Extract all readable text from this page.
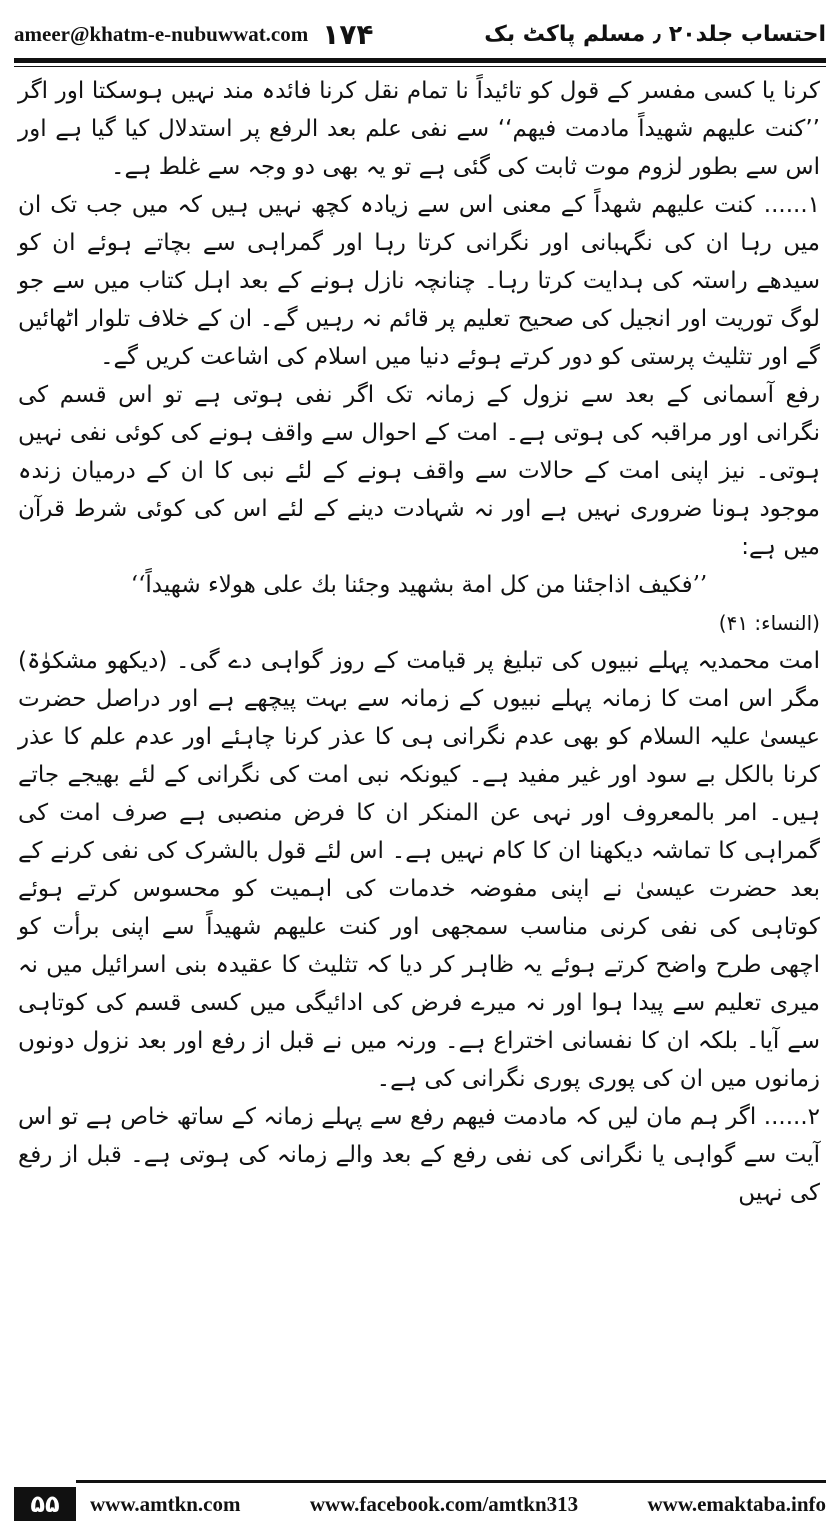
ameer@khatm-e-nubuwwat.com ۱۷۴	احتساب جلد۲۰ ٫ مسلم پاکٹ بک

کرنا یا کسی مفسر کے قول کو تائیداً نا تمام نقل کرنا فائدہ مند نہیں ہوسکتا اور اگر ’’کنت علیهم شهیداً مادمت فیهم‘‘ سے نفی علم بعد الرفع پر استدلال کیا گیا ہے اور اس سے بطور لزوم موت ثابت کی گئی ہے تو یہ بھی دو وجہ سے غلط ہے۔

۱...... کنت علیهم شهداً کے معنی اس سے زیادہ کچھ نہیں ہیں کہ میں جب تک ان میں رہا ان کی نگہبانی اور نگرانی کرتا رہا اور گمراہی سے بچاتے ہوئے ان کو سیدھے راستہ کی ہدایت کرتا رہا۔ چنانچہ نازل ہونے کے بعد اہل کتاب میں سے جو لوگ توریت اور انجیل کی صحیح تعلیم پر قائم نہ رہیں گے۔ ان کے خلاف تلوار اٹھائیں گے اور تثلیث پرستی کو دور کرتے ہوئے دنیا میں اسلام کی اشاعت کریں گے۔

رفع آسمانی کے بعد سے نزول کے زمانہ تک اگر نفی ہوتی ہے تو اس قسم کی نگرانی اور مراقبہ کی ہوتی ہے۔ امت کے احوال سے واقف ہونے کی کوئی نفی نہیں ہوتی۔ نیز اپنی امت کے حالات سے واقف ہونے کے لئے نبی کا ان کے درمیان زندہ موجود ہونا ضروری نہیں ہے اور نہ شہادت دینے کے لئے اس کی کوئی شرط قرآن میں ہے:

’’فکیف اذاجئنا من کل امة بشهید وجئنا بك علی هولاء شهیداً‘‘

(النساء: ۴۱)

امت محمدیہ پہلے نبیوں کی تبلیغ پر قیامت کے روز گواہی دے گی۔ (دیکھو مشکوٰۃ) مگر اس امت کا زمانہ پہلے نبیوں کے زمانہ سے بہت پیچھے ہے اور دراصل حضرت عیسیٰ علیہ السلام کو بھی عدم نگرانی ہی کا عذر کرنا چاہئے اور عدم علم کا عذر کرنا بالکل بے سود اور غیر مفید ہے۔ کیونکہ نبی امت کی نگرانی کے لئے بھیجے جاتے ہیں۔ امر بالمعروف اور نہی عن المنکر ان کا فرض منصبی ہے صرف امت کی گمراہی کا تماشہ دیکھنا ان کا کام نہیں ہے۔ اس لئے قول بالشرک کی نفی کرنے کے بعد حضرت عیسیٰ نے اپنی مفوضہ خدمات کی اہمیت کو محسوس کرتے ہوئے کوتاہی کی نفی کرنی مناسب سمجھی اور کنت علیهم شهیداً سے اپنی برأت کو اچھی طرح واضح کرتے ہوئے یہ ظاہر کر دیا کہ تثلیث کا عقیدہ بنی اسرائیل میں نہ میری تعلیم سے پیدا ہوا اور نہ میرے فرض کی ادائیگی میں کسی قسم کی کوتاہی سے آیا۔ بلکہ ان کا نفسانی اختراع ہے۔ ورنہ میں نے قبل از رفع اور بعد نزول دونوں زمانوں میں ان کی پوری پوری نگرانی کی ہے۔

۲...... اگر ہم مان لیں کہ مادمت فیهم رفع سے پہلے زمانہ کے ساتھ خاص ہے تو اس آیت سے گواہی یا نگرانی کی نفی رفع کے بعد والے زمانہ کی ہوتی ہے۔ قبل از رفع کی نہیں

۵۵	www.amtkn.com	www.facebook.com/amtkn313	www.emaktaba.info
